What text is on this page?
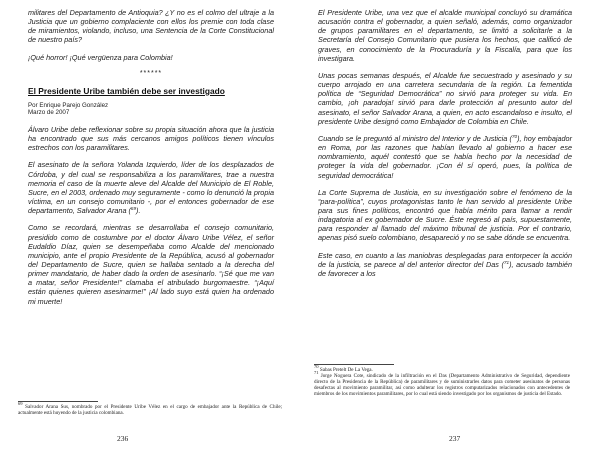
militares del Departamento de Antioquia? ¿Y no es el colmo del ultraje a la Justicia que un gobierno complaciente con ellos los premie con toda clase de miramientos, violando, incluso, una Sentencia de la Corte Constitucional de nuestro país?

¡Qué horror! ¡Qué vergüenza para Colombia!

******
El Presidente Uribe también debe ser investigado

Por Enrique Parejo González

Marzo de 2007

Álvaro Uribe debe reflexionar sobre su propia situación ahora que la justicia ha encontrado que sus más cercanos amigos políticos tienen vínculos estrechos con los paramilitares.

El asesinato de la señora Yolanda Izquierdo, líder de los desplazados de Córdoba, y del cual se responsabiliza a los paramilitares, trae a nuestra memoria el caso de la muerte aleve del Alcalde del Municipio de El Roble, Sucre, en el 2003, ordenado muy seguramente - como lo denunció la propia víctima, en un consejo comunitario -, por el entonces gobernador de ese departamento, Salvador Arana ($^{69}$).

Como se recordará, mientras se desarrollaba el consejo comunitario, presidido como de costumbre por el doctor Álvaro Uribe Vélez, el señor Eudaldio Díaz, quien se desempeñaba como Alcalde del mencionado municipio, ante el propio Presidente de la República, acusó al gobernador del Departamento de Sucre, quien se hallaba sentado a la derecha del primer mandatario, de haber dado la orden de asesinarlo. “¡Sé que me van a matar, señor Presidente!” clamaba el atribulado burgomaestre. “¡Aquí están quienes quieren asesinarme!” ¡Al lado suyo está quien ha ordenado mi muerte!

$^{69}$ Salvador Arana Sus, nombrado por el Presidente Uribe Vélez en el cargo de embajador ante la República de Chile; actualmente está huyendo de la justicia colombiana.

236

El Presidente Uribe, una vez que el alcalde municipal concluyó su dramática acusación contra el gobernador, a quien señaló, además, como organizador de grupos paramilitares en el departamento, se limitó a solicitarle a la Secretaría del Consejo Comunitario que pusiera los hechos, que calificó de graves, en conocimiento de la Procuraduría y la Fiscalía, para que los investigara.

Unas pocas semanas después, el Alcalde fue secuestrado y asesinado y su cuerpo arrojado en una carretera secundaria de la región. La fementida política de “Seguridad Democrática” no sirvió para proteger su vida. En cambio, ¡oh paradoja! sirvió para darle protección al presunto autor del asesinato, el señor Salvador Arana, a quien, en acto escandaloso e insulto, el presidente Uribe designó como Embajador de Colombia en Chile.

Cuando se le preguntó al ministro del Interior y de Justicia ($^{70}$), hoy embajador en Roma, por las razones que habían llevado al gobierno a hacer ese nombramiento, aquél contestó que se había hecho por la necesidad de proteger la vida del gobernador. ¡Con él sí operó, pues, la política de seguridad democrática!

La Corte Suprema de Justicia, en su investigación sobre el fenómeno de la “para-política”, cuyos protagonistas tanto le han servido al presidente Uribe para sus fines políticos, encontró que había mérito para llamar a rendir indagatoria al ex gobernador de Sucre. Éste regresó al país, supuestamente, para responder al llamado del máximo tribunal de justicia. Por el contrario, apenas pisó suelo colombiano, desapareció y no se sabe dónde se encuentra.

Este caso, en cuanto a las maniobras desplegadas para entorpecer la acción de la justicia, se parece al del anterior director del Das ($^{71}$), acusado también de favorecer a los

$^{70}$ Sabas Pretelt De La Vega.

$^{71}$ Jorge Noguera Cote, sindicado de la infiltración en el Das (Departamento Administrativo de Seguridad, dependiente directo de la Presidencia de la República) de paramilitares y de suministrarles datos para cometer asesinatos de personas desafectas al movimiento paramilitar, así como adulterar los registros computarizados relacionados con antecedentes de miembros de los movimientos paramilitares, por lo cual está siendo investigado por los organismos de justicia del Estado.

237
